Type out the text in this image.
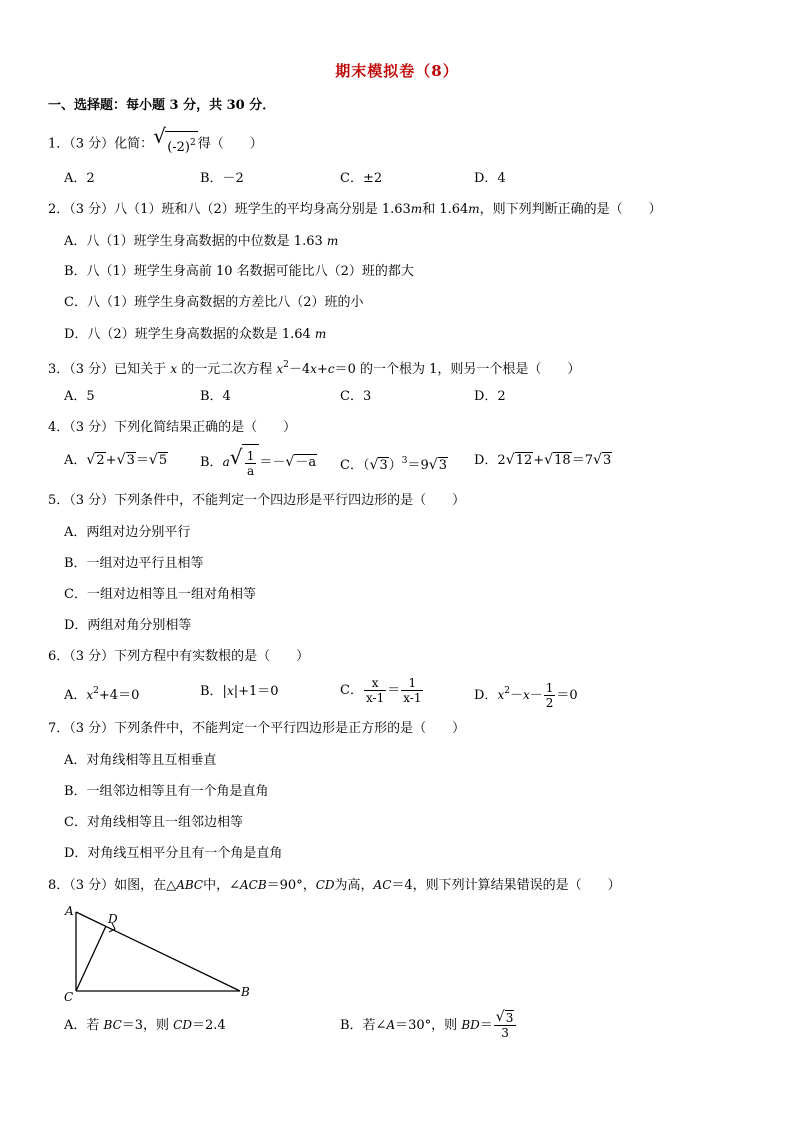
期末模拟卷（8）
一、选择题：每小题 3 分，共 30 分．
1．（3 分）化简： √ $(-2)^2$ 得（　　）
A．2	B．－2	C．±2	D．4
2．（3 分）八（1）班和八（2）班学生的平均身高分别是 1.63m和 1.64m，则下列判断正确的是（　　）
A．八（1）班学生身高数据的中位数是 1.63 m
B．八（1）班学生身高前 10 名数据可能比八（2）班的都大
C．八（1）班学生身高数据的方差比八（2）班的小
D．八（2）班学生身高数据的众数是 1.64 m
3．（3 分）已知关于 x 的一元二次方程 $x^2-4x+c=0$ 的一个根为 1，则另一个根是（　　）
A．5	B．4	C．3	D．2
4．（3 分）下列化简结果正确的是（　　）
A． √ 2+ √ 3＝ √ 5	B．a √ $\frac{1}{a}$ ＝－ √ －a C．（ √ 3）$^3$＝9 √ 3 D．2 √ 12+ √ 18＝7 √ 3
5．（3 分）下列条件中，不能判定一个四边形是平行四边形的是（　　）
A．两组对边分别平行
B．一组对边平行且相等
C．一组对边相等且一组对角相等
D．两组对角分别相等
6．（3 分）下列方程中有实数根的是（　　）
A．$x^2+4=0$	B．|x|+1＝0	C． $\frac{x}{x-1} = \frac{1}{x-1}$	D．$x^2-x- \frac{1}{2} =0$
7．（3 分）下列条件中，不能判定一个平行四边形是正方形的是（　　）
A．对角线相等且互相垂直
B．一组邻边相等且有一个角是直角
C．对角线相等且一组邻边相等
D．对角线互相平分且有一个角是直角
8．（3 分）如图，在△ABC中，∠ACB＝90°，CD为高，AC＝4，则下列计算结果错误的是（　　）
A
D
C	B
A．若 BC＝3，则 CD＝2.4	B．若∠A＝30°，则 BD＝ √ $\frac{3}{3}$
